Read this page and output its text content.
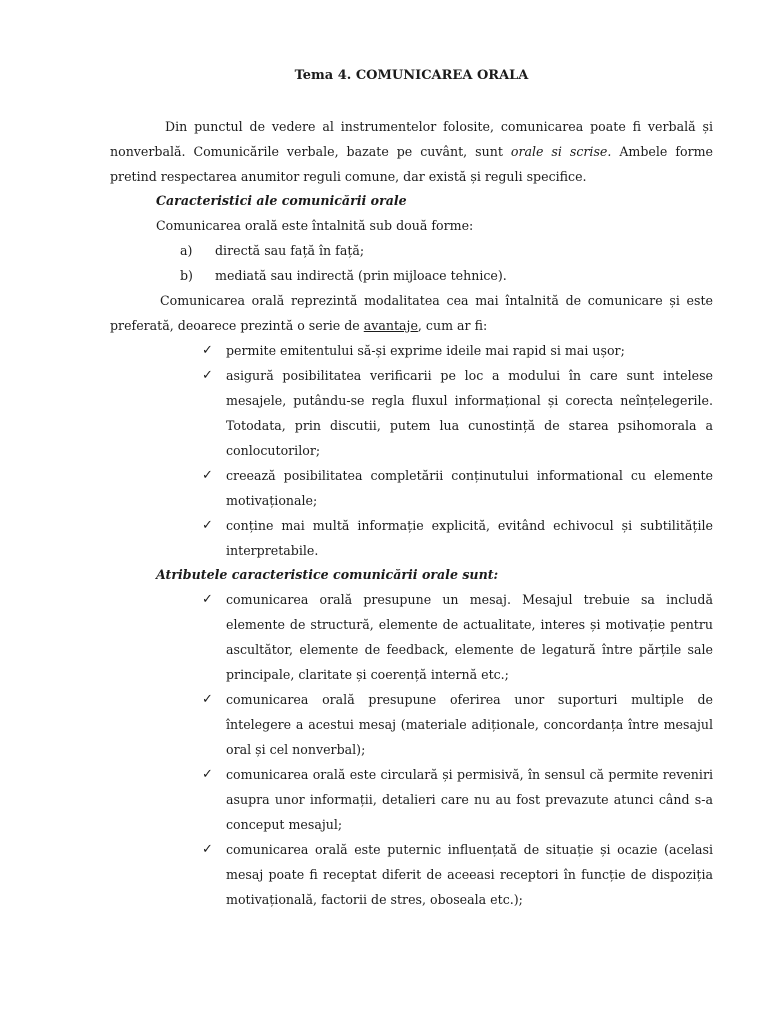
Tema 4. COMUNICAREA ORALA

Din punctul de vedere al instrumentelor folosite, comunicarea poate fi verbală și nonverbală. Comunicările verbale, bazate pe cuvânt, sunt orale si scrise. Ambele forme pretind respectarea anumitor reguli comune, dar există și reguli specifice.

Caracteristici ale comunicării orale

Comunicarea orală este întalnită sub două forme:

a)	directă sau față în față;

b)	mediată sau indirectă (prin mijloace tehnice).

Comunicarea orală reprezintă modalitatea cea mai întalnită de comunicare și este preferată, deoarece prezintă o serie de avantaje, cum ar fi:

✓ permite emitentului să-și exprime ideile mai rapid si mai ușor;
✓ asigură posibilitatea verificarii pe loc a modului în care sunt intelese mesajele, putându-se regla fluxul informațional și corecta neînțelegerile. Totodata, prin discutii, putem lua cunostință de starea psihomorala a conlocutorilor;
✓ creează posibilitatea completării conținutului informational cu elemente motivaționale;
✓ conține mai multă informație explicită, evitând echivocul și subtilitățile interpretabile.

Atributele caracteristice comunicării orale sunt:

✓ comunicarea orală presupune un mesaj. Mesajul trebuie sa includă elemente de structură, elemente de actualitate, interes și motivație pentru ascultător, elemente de feedback, elemente de legatură între părțile sale principale, claritate și coerență internă etc.;
✓ comunicarea orală presupune oferirea unor suporturi multiple de întelegere a acestui mesaj (materiale adiționale, concordanța între mesajul oral și cel nonverbal);
✓ comunicarea orală este circulară și permisivă, în sensul că permite reveniri asupra unor informații, detalieri care nu au fost prevazute atunci când s-a conceput mesajul;
✓ comunicarea orală este puternic influențată de situație și ocazie (acelasi mesaj poate fi receptat diferit de aceeasi receptori în funcție de dispoziția motivațională, factorii de stres, oboseala etc.);
